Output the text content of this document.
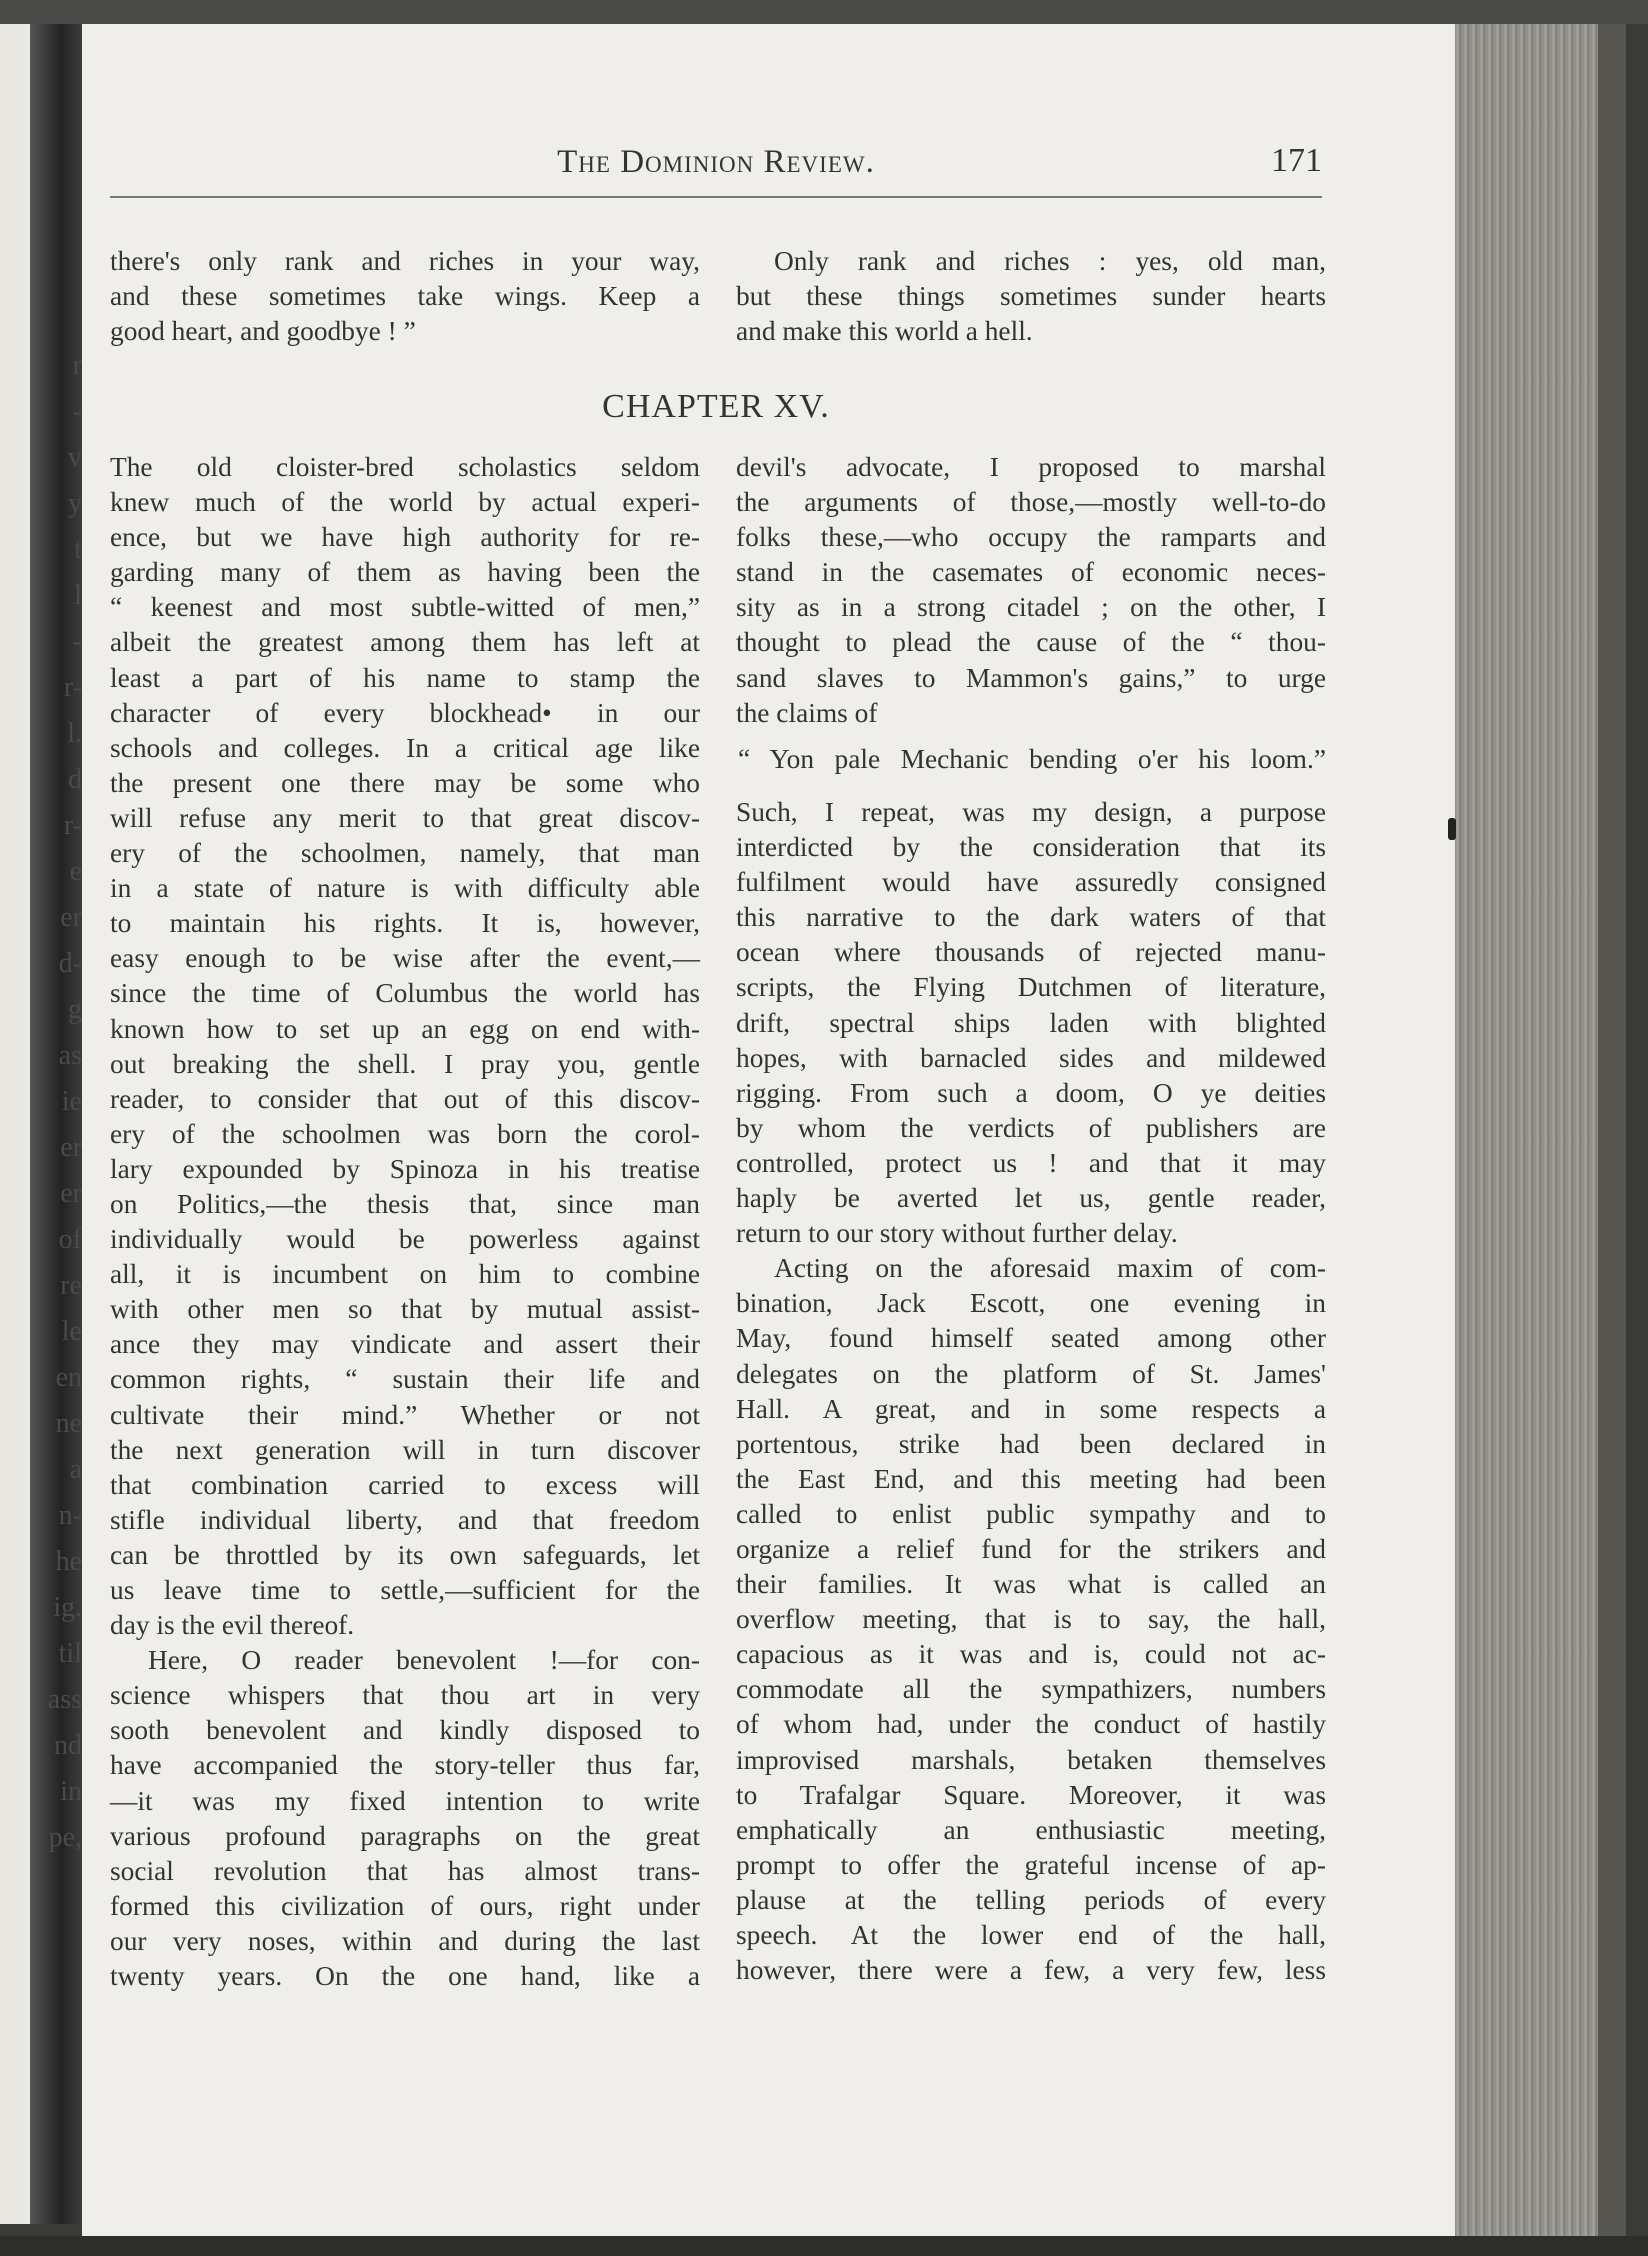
r
-
v
y
t
l
-
r-
l.
d
r-
e
er
d-
g
as
ie
er
er
of
re
le
en
ne
a
n-
he
ig.
til
ass
nd
in
pe,
The Dominion Review.	171

there's only rank and riches in your way,

and these sometimes take wings. Keep a

good heart, and goodbye ! ”

Only rank and riches : yes, old man,

but these things sometimes sunder hearts

and make this world a hell.

CHAPTER XV.

The old cloister-bred scholastics seldom

knew much of the world by actual experi-

ence, but we have high authority for re-

garding many of them as having been the

“ keenest and most subtle-witted of men,”

albeit the greatest among them has left at

least a part of his name to stamp the

character of every blockhead• in our

schools and colleges. In a critical age like

the present one there may be some who

will refuse any merit to that great discov-

ery of the schoolmen, namely, that man

in a state of nature is with difficulty able

to maintain his rights. It is, however,

easy enough to be wise after the event,—

since the time of Columbus the world has

known how to set up an egg on end with-

out breaking the shell. I pray you, gentle

reader, to consider that out of this discov-

ery of the schoolmen was born the corol-

lary expounded by Spinoza in his treatise

on Politics,—the thesis that, since man

individually would be powerless against

all, it is incumbent on him to combine

with other men so that by mutual assist-

ance they may vindicate and assert their

common rights, “ sustain their life and

cultivate their mind.” Whether or not

the next generation will in turn discover

that combination carried to excess will

stifle individual liberty, and that freedom

can be throttled by its own safeguards, let

us leave time to settle,—sufficient for the

day is the evil thereof.

Here, O reader benevolent !—for con-

science whispers that thou art in very

sooth benevolent and kindly disposed to

have accompanied the story-teller thus far,

—it was my fixed intention to write

various profound paragraphs on the great

social revolution that has almost trans-

formed this civilization of ours, right under

our very noses, within and during the last

twenty years. On the one hand, like a

devil's advocate, I proposed to marshal

the arguments of those,—mostly well-to-do

folks these,—who occupy the ramparts and

stand in the casemates of economic neces-

sity as in a strong citadel ; on the other, I

thought to plead the cause of the “ thou-

sand slaves to Mammon's gains,” to urge

the claims of

“ Yon pale Mechanic bending o'er his loom.”

Such, I repeat, was my design, a purpose

interdicted by the consideration that its

fulfilment would have assuredly consigned

this narrative to the dark waters of that

ocean where thousands of rejected manu-

scripts, the Flying Dutchmen of literature,

drift, spectral ships laden with blighted

hopes, with barnacled sides and mildewed

rigging. From such a doom, O ye deities

by whom the verdicts of publishers are

controlled, protect us ! and that it may

haply be averted let us, gentle reader,

return to our story without further delay.

Acting on the aforesaid maxim of com-

bination, Jack Escott, one evening in

May, found himself seated among other

delegates on the platform of St. James'

Hall. A great, and in some respects a

portentous, strike had been declared in

the East End, and this meeting had been

called to enlist public sympathy and to

organize a relief fund for the strikers and

their families. It was what is called an

overflow meeting, that is to say, the hall,

capacious as it was and is, could not ac-

commodate all the sympathizers, numbers

of whom had, under the conduct of hastily

improvised marshals, betaken themselves

to Trafalgar Square. Moreover, it was

emphatically an enthusiastic meeting,

prompt to offer the grateful incense of ap-

plause at the telling periods of every

speech. At the lower end of the hall,

however, there were a few, a very few, less
